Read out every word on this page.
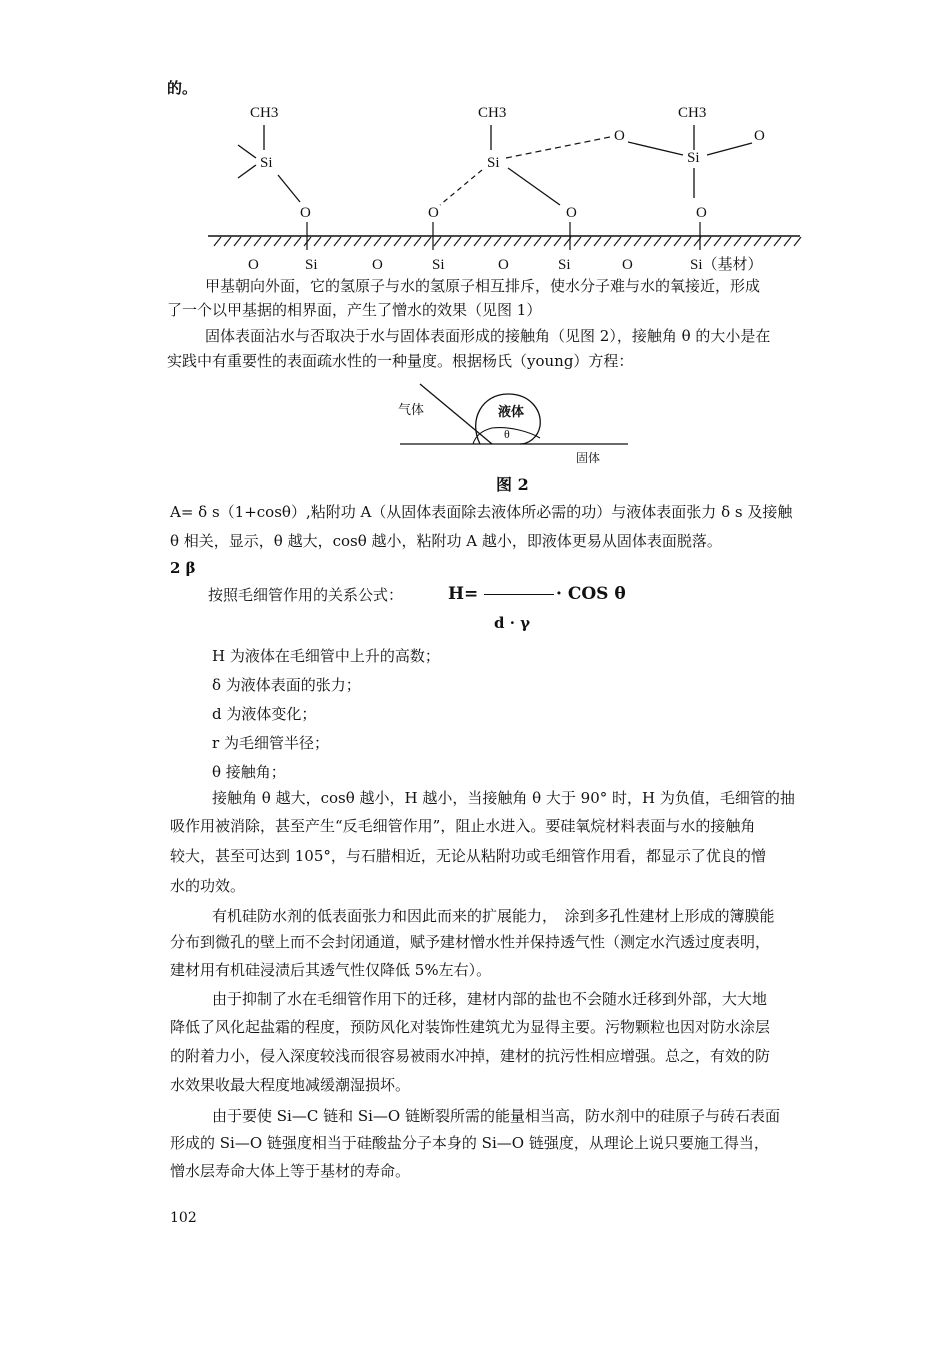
的。
CH3	CH3	CH3
Si	Si	Si
O	O
O	O	O	O
O	Si	O	Si	O	Si	O	Si（基材）
甲基朝向外面，它的氢原子与水的氢原子相互排斥，使水分子难与水的氧接近，形成
了一个以甲基据的相界面，产生了憎水的效果（见图 1）
固体表面沾水与否取决于水与固体表面形成的接触角（见图 2），接触角 θ 的大小是在
实践中有重要性的表面疏水性的一种量度。根据杨氏（young）方程：
气体	液体
θ
固体
图 2
A= δ s（1+cosθ）,粘附功 A（从固体表面除去液体所必需的功）与液体表面张力 δ s 及接触
θ 相关，显示，θ 越大，cosθ 越小，粘附功 A 越小，即液体更易从固体表面脱落。
2 β
按照毛细管作用的关系公式：	H=	· COS θ
d · γ
H 为液体在毛细管中上升的高数；
δ 为液体表面的张力；
d 为液体变化；
r 为毛细管半径；
θ 接触角；
接触角 θ 越大，cosθ 越小，H 越小，当接触角 θ 大于 90° 时，H 为负值，毛细管的抽
吸作用被消除，甚至产生“反毛细管作用”，阻止水进入。要硅氧烷材料表面与水的接触角
较大，甚至可达到 105°，与石腊相近，无论从粘附功或毛细管作用看，都显示了优良的憎
水的功效。
有机硅防水剂的低表面张力和因此而来的扩展能力，　涂到多孔性建材上形成的簿膜能
分布到微孔的壁上而不会封闭通道，赋予建材憎水性并保持透气性（测定水汽透过度表明，
建材用有机硅浸渍后其透气性仅降低 5%左右）。
由于抑制了水在毛细管作用下的迁移，建材内部的盐也不会随水迁移到外部，大大地
降低了风化起盐霜的程度，预防风化对装饰性建筑尤为显得主要。污物颗粒也因对防水涂层
的附着力小，侵入深度较浅而很容易被雨水冲掉，建材的抗污性相应增强。总之，有效的防
水效果收最大程度地减缓潮湿损坏。
由于要使 Si—C 链和 Si—O 链断裂所需的能量相当高，防水剂中的硅原子与砖石表面
形成的 Si—O 链强度相当于硅酸盐分子本身的 Si—O 链强度，从理论上说只要施工得当，
憎水层寿命大体上等于基材的寿命。
102
